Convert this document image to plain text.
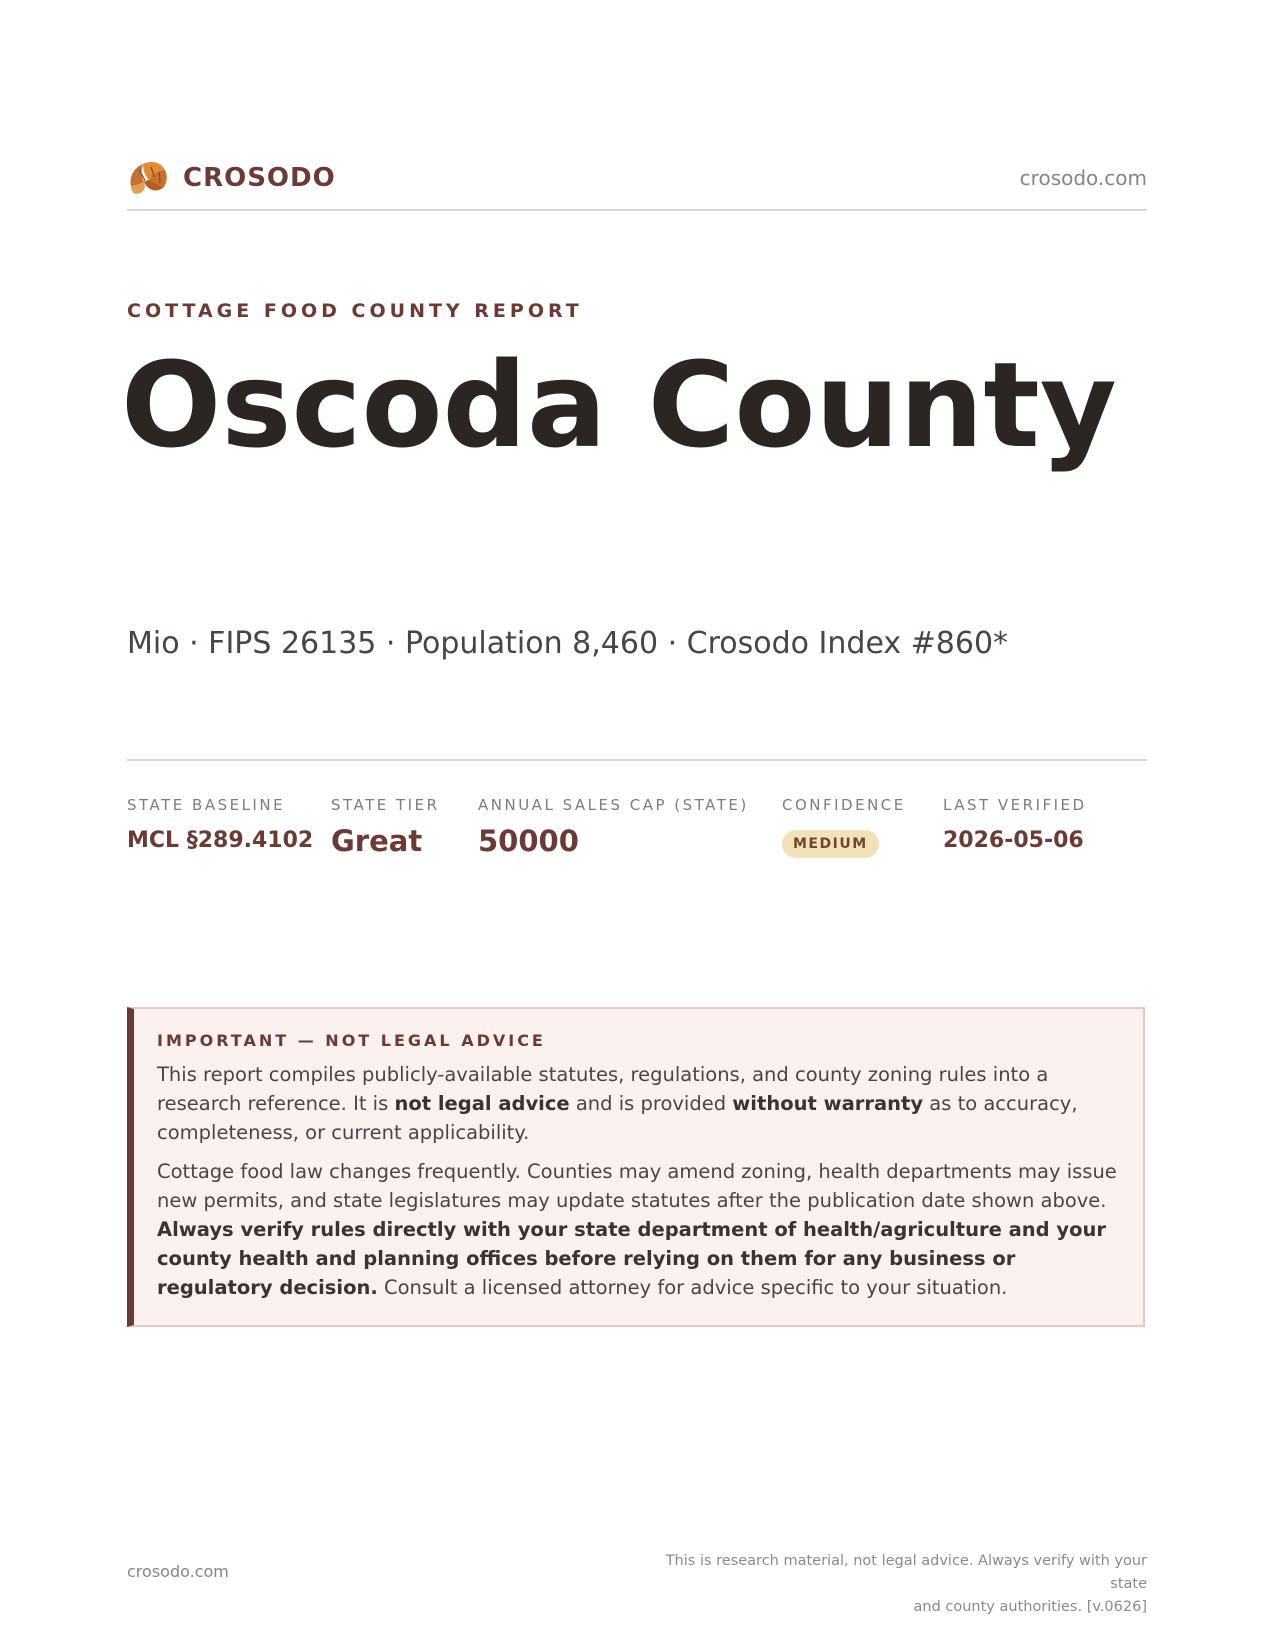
CROSODO	crosodo.com
COTTAGE FOOD COUNTY REPORT
Oscoda County
Mio · FIPS 26135 · Population 8,460 · Crosodo Index #860*
STATE BASELINE
MCL §289.4102
STATE TIER
Great
ANNUAL SALES CAP (STATE)
50000
CONFIDENCE
MEDIUM
LAST VERIFIED
2026-05-06
IMPORTANT — NOT LEGAL ADVICE

This report compiles publicly-available statutes, regulations, and county zoning rules into a research reference. It is not legal advice and is provided without warranty as to accuracy, completeness, or current applicability.

Cottage food law changes frequently. Counties may amend zoning, health departments may issue new permits, and state legislatures may update statutes after the publication date shown above. Always verify rules directly with your state department of health/agriculture and your county health and planning offices before relying on them for any business or regulatory decision. Consult a licensed attorney for advice specific to your situation.

crosodo.com
This is research material, not legal advice. Always verify with your state
and county authorities. [v.0626]
